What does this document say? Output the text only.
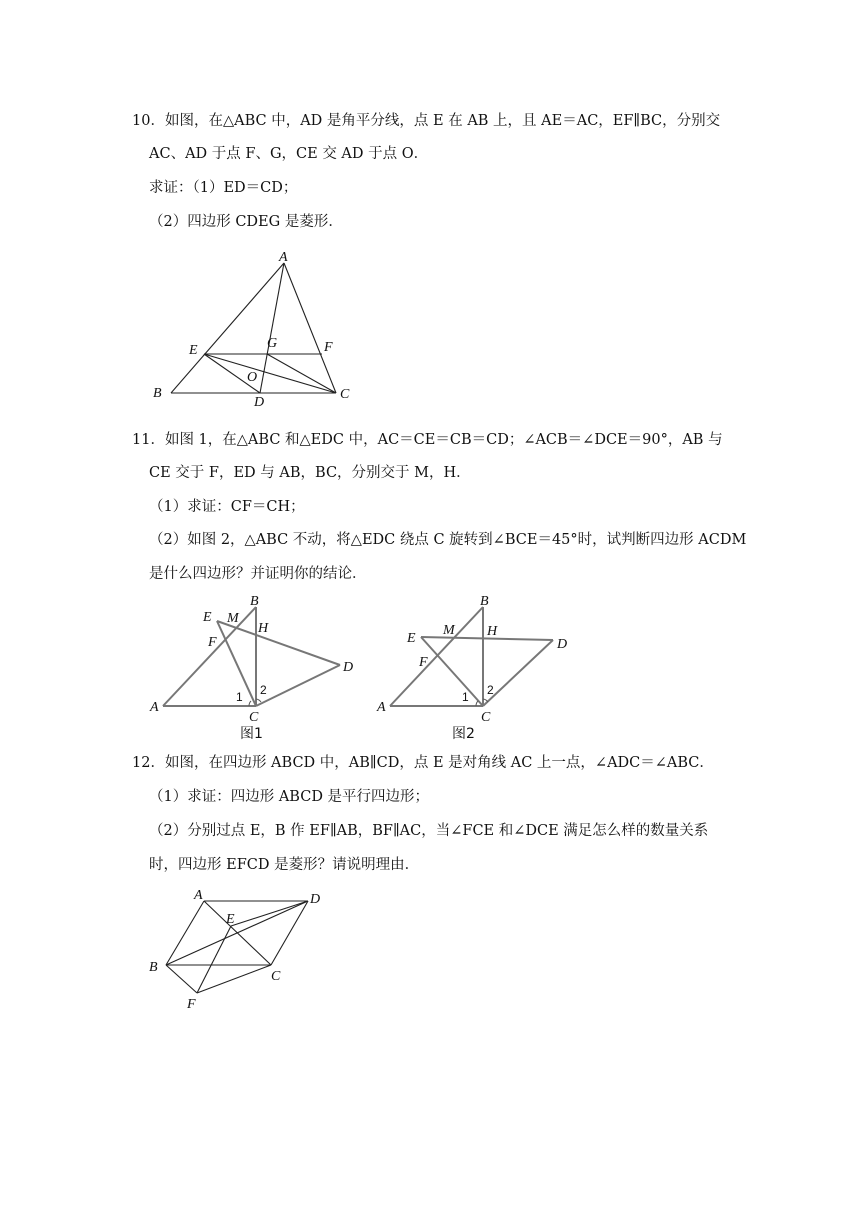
10．如图，在△ABC 中，AD 是角平分线，点 E 在 AB 上，且 AE＝AC，EF∥BC，分别交
AC、AD 于点 F、G，CE 交 AD 于点 O．
求证：（1）ED＝CD；
（2）四边形 CDEG 是菱形．
A
B	C
D
E	F
G
O
11．如图 1，在△ABC 和△EDC 中，AC＝CE＝CB＝CD；∠ACB＝∠DCE＝90°，AB 与
CE 交于 F，ED 与 AB，BC，分别交于 M，H．
（1）求证：CF＝CH；
（2）如图 2，△ABC 不动，将△EDC 绕点 C 旋转到∠BCE＝45°时，试判断四边形 ACDM
是什么四边形？并证明你的结论．
A
B
C
D
E
F
M
H
1 2
图1
A
B
C
D
E
F
M H
1 2
图2
12．如图，在四边形 ABCD 中，AB∥CD，点 E 是对角线 AC 上一点，∠ADC＝∠ABC．
（1）求证：四边形 ABCD 是平行四边形；
（2）分别过点 E，B 作 EF∥AB，BF∥AC，当∠FCE 和∠DCE 满足怎么样的数量关系
时，四边形 EFCD 是菱形？请说明理由．
A
B
C
D
E
F
